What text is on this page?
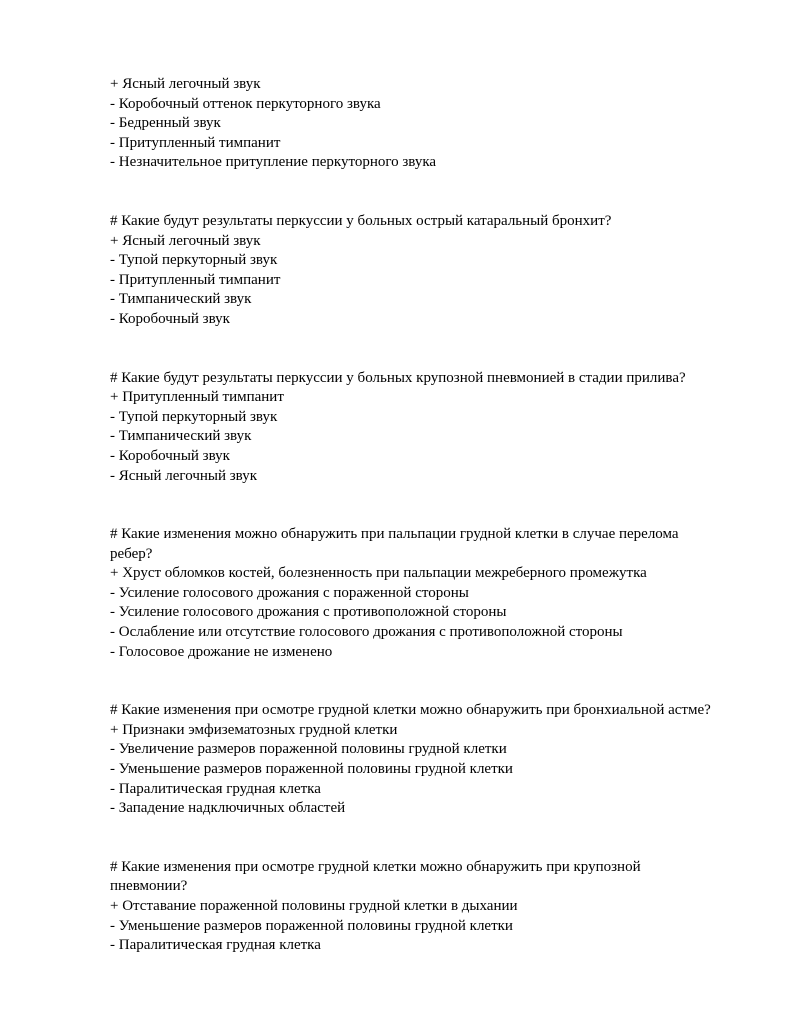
+ Ясный легочный звук
- Коробочный оттенок перкуторного звука
- Бедренный звук
- Притупленный тимпанит
- Незначительное притупление перкуторного звука
# Какие будут результаты перкуссии у больных острый катаральный бронхит?
+ Ясный легочный звук
- Тупой перкуторный звук
- Притупленный тимпанит
- Тимпанический звук
- Коробочный звук
# Какие будут результаты перкуссии у больных крупозной пневмонией в стадии прилива?
+ Притупленный тимпанит
- Тупой перкуторный звук
- Тимпанический звук
- Коробочный звук
- Ясный легочный звук
# Какие изменения можно обнаружить при пальпации грудной клетки в случае перелома
ребер?
+ Хруст обломков костей, болезненность при пальпации межреберного промежутка
- Усиление голосового дрожания с пораженной стороны
- Усиление голосового дрожания с противоположной стороны
- Ослабление или отсутствие голосового дрожания с противоположной стороны
- Голосовое дрожание не изменено
# Какие изменения при осмотре грудной клетки можно обнаружить при бронхиальной астме?
+ Признаки эмфизематозных грудной клетки
- Увеличение размеров пораженной половины грудной клетки
- Уменьшение размеров пораженной половины грудной клетки
- Паралитическая грудная клетка
- Западение надключичных областей
# Какие изменения при осмотре грудной клетки можно обнаружить при крупозной
пневмонии?
+ Отставание пораженной половины грудной клетки в дыхании
- Уменьшение размеров пораженной половины грудной клетки
- Паралитическая грудная клетка
